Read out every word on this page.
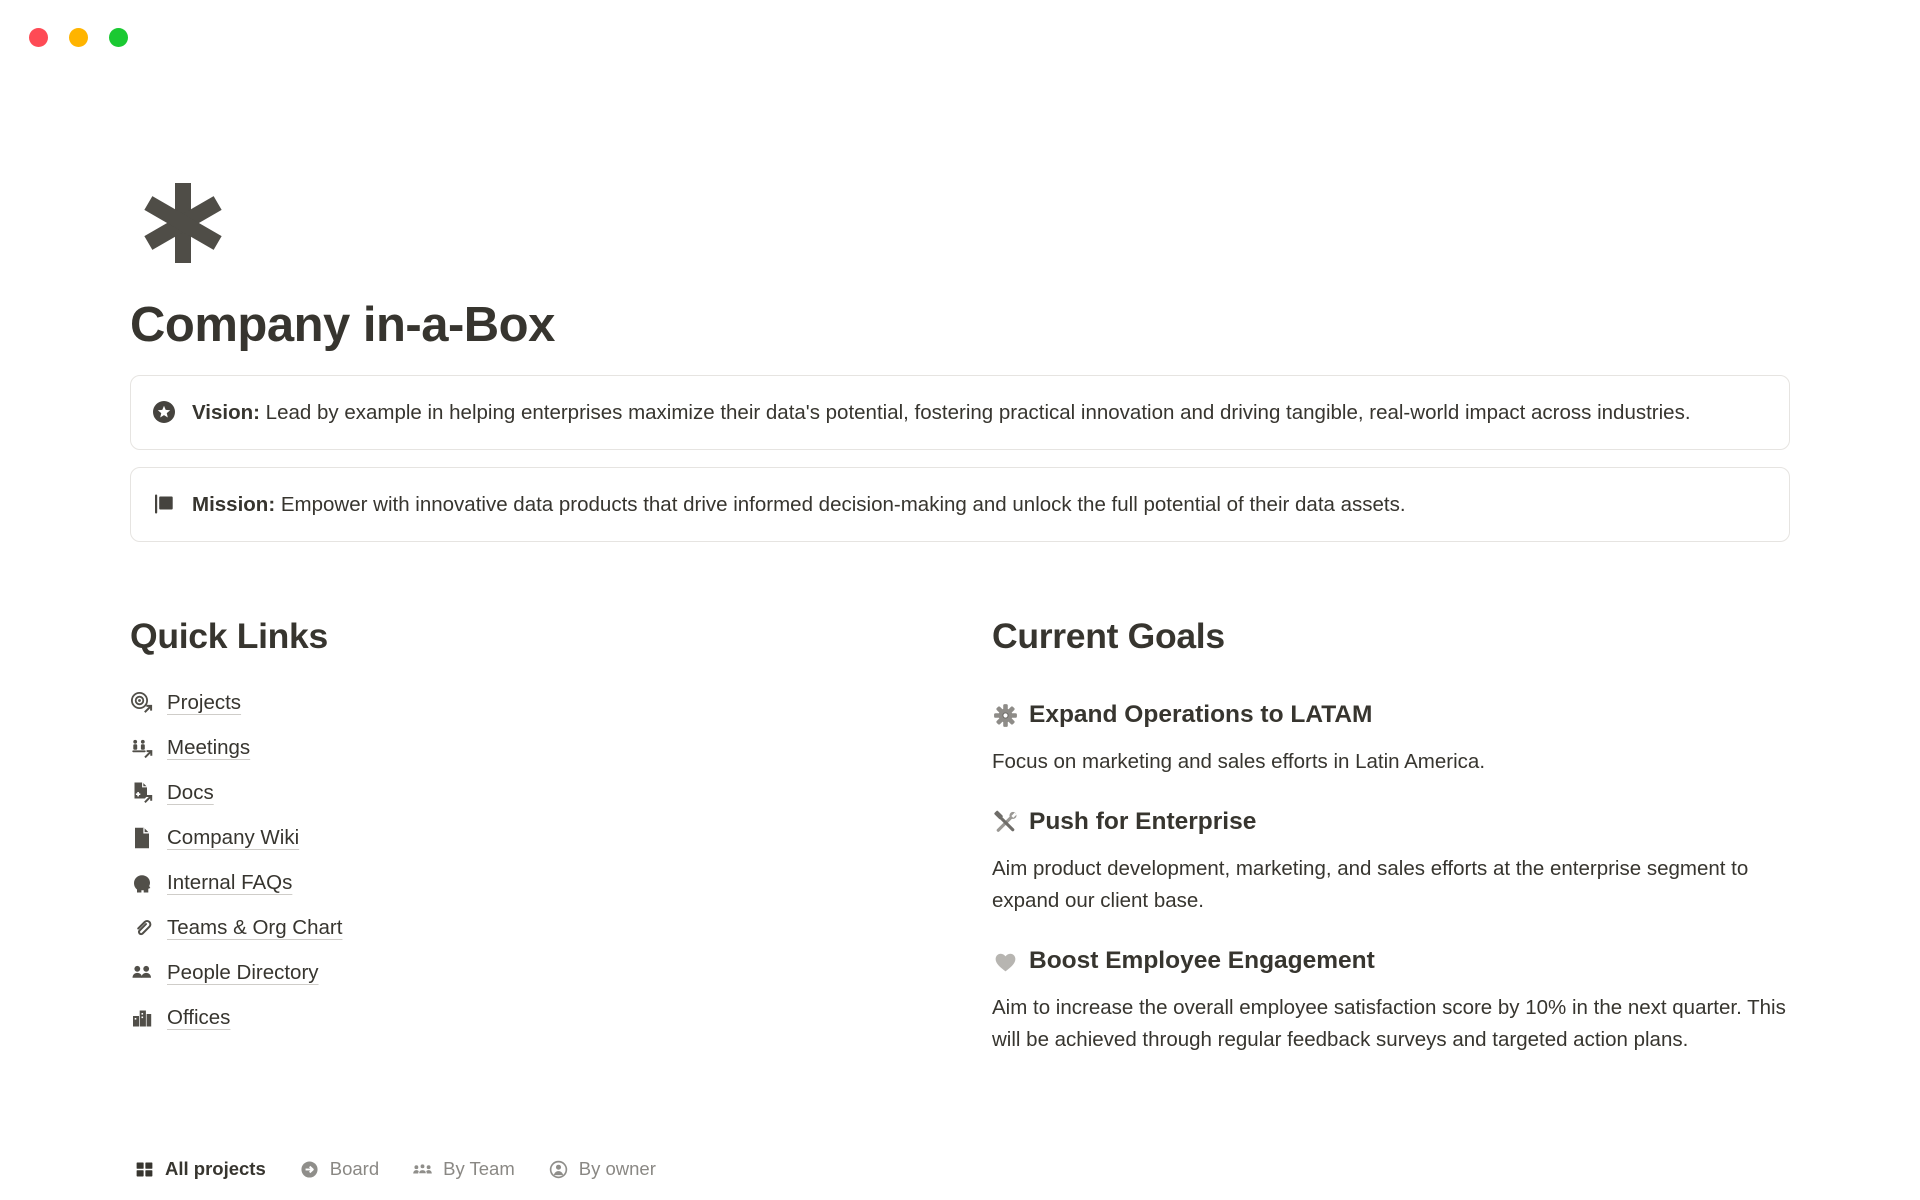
Company in-a-Box
Vision: Lead by example in helping enterprises maximize their data's potential, fostering practical innovation and driving tangible, real-world impact across industries.
Mission: Empower with innovative data products that drive informed decision-making and unlock the full potential of their data assets.
Quick Links
Projects
Meetings
Docs
Company Wiki
Internal FAQs
Teams & Org Chart
People Directory
Offices
Current Goals
Expand Operations to LATAM
Focus on marketing and sales efforts in Latin America.
Push for Enterprise
Aim product development, marketing, and sales efforts at the enterprise segment to expand our client base.
Boost Employee Engagement
Aim to increase the overall employee satisfaction score by 10% in the next quarter. This will be achieved through regular feedback surveys and targeted action plans.
All projects	Board	By Team	By owner
